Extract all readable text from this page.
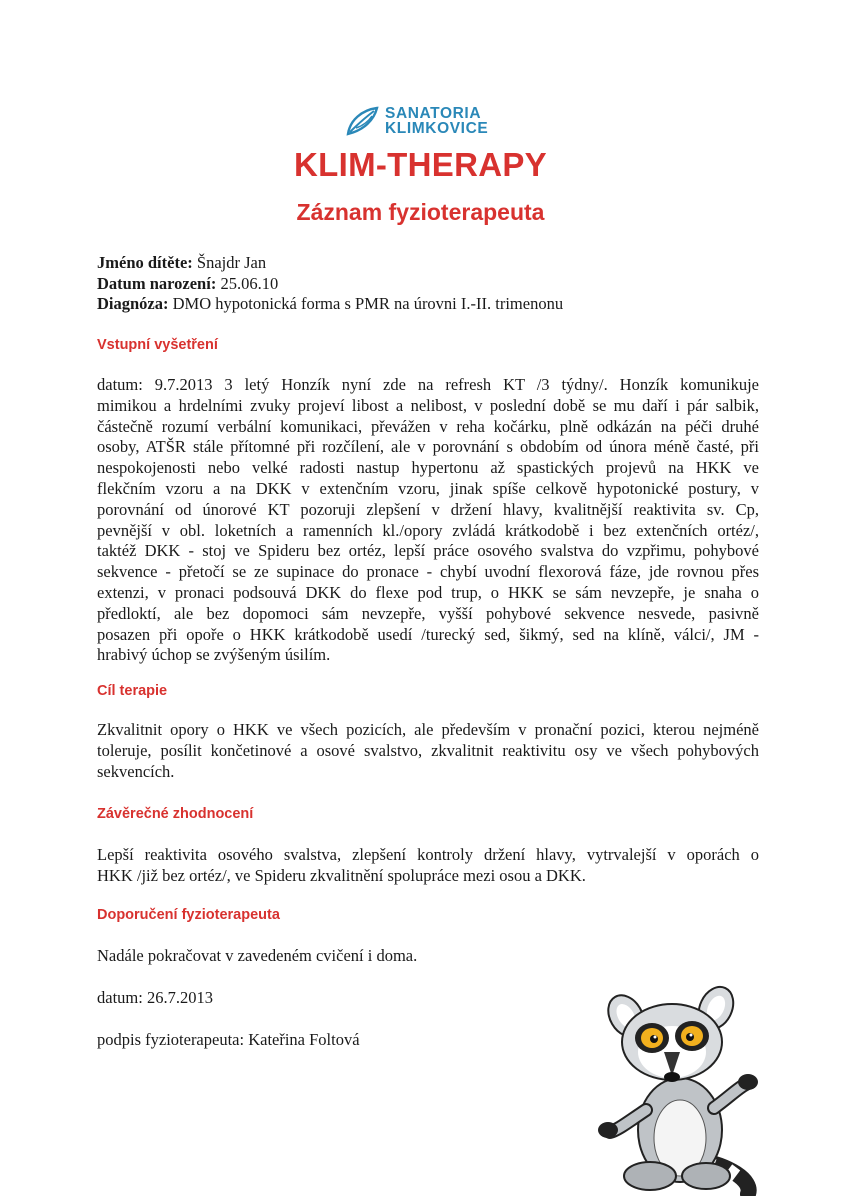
SANATORIA
KLIMKOVICE
KLIM-THERAPY
Záznam fyzioterapeuta
Jméno dítěte: Šnajdr Jan
Datum narození: 25.06.10
Diagnóza: DMO hypotonická forma s PMR na úrovni I.-II. trimenonu
Vstupní vyšetření
datum: 9.7.2013 3 letý Honzík nyní zde na refresh KT /3 týdny/. Honzík komunikuje
mimikou a hrdelními zvuky projeví libost a nelibost, v poslední době se mu daří i pár salbik,
částečně rozumí verbální komunikaci, převážen v reha kočárku, plně odkázán na péči druhé
osoby, ATŠR stále přítomné při rozčílení, ale v porovnání s obdobím od února méně časté, při
nespokojenosti nebo velké radosti nastup hypertonu až spastických projevů na HKK ve
flekčním vzoru a na DKK v extenčním vzoru, jinak spíše celkově hypotonické postury, v
porovnání od únorové KT pozoruji zlepšení v držení hlavy, kvalitnější reaktivita sv. Cp,
pevnější v obl. loketních a ramenních kl./opory zvládá krátkodobě i bez extenčních ortéz/,
taktéž DKK - stoj ve Spideru bez ortéz, lepší práce osového svalstva do vzpřimu, pohybové
sekvence - přetočí se ze supinace do pronace - chybí uvodní flexorová fáze, jde rovnou přes
extenzi, v pronaci podsouvá DKK do flexe pod trup, o HKK se sám nevzepře, je snaha o
předloktí, ale bez dopomoci sám nevzepře, vyšší pohybové sekvence nesvede, pasivně
posazen při opoře o HKK krátkodobě usedí /turecký sed, šikmý, sed na klíně, válci/, JM -
hrabivý úchop se zvýšeným úsilím.
Cíl terapie
Zkvalitnit opory o HKK ve všech pozicích, ale především v pronační pozici, kterou nejméně
toleruje, posílit končetinové a osové svalstvo, zkvalitnit reaktivitu osy ve všech pohybových
sekvencích.
Závěrečné zhodnocení
Lepší reaktivita osového svalstva, zlepšení kontroly držení hlavy, vytrvalejší v oporách o
HKK /již bez ortéz/, ve Spideru zkvalitnění spolupráce mezi osou a DKK.
Doporučení fyzioterapeuta
Nadále pokračovat v zavedeném cvičení i doma.
datum: 26.7.2013
podpis fyzioterapeuta: Kateřina Foltová
